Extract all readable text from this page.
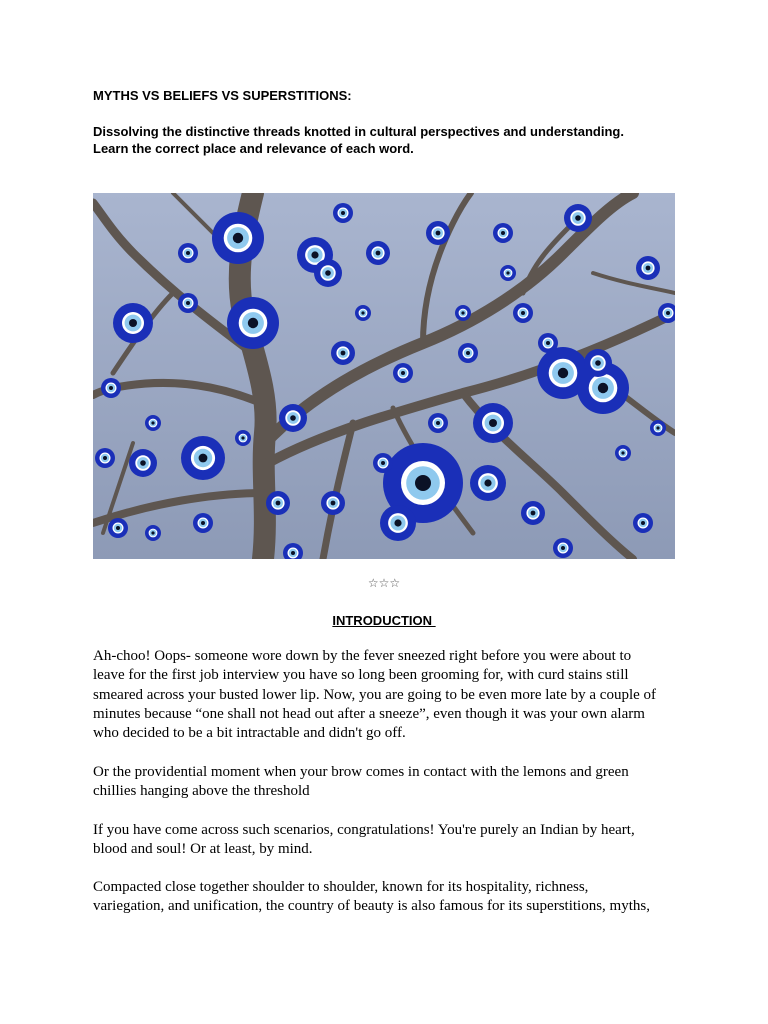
MYTHS VS BELIEFS VS SUPERSTITIONS:

Dissolving the distinctive threads knotted in cultural perspectives and understanding.
Learn the correct place and relevance of each word.

☆☆☆
INTRODUCTION

Ah-choo! Oops- someone wore down by the fever sneezed right before you were about to
leave for the first job interview you have so long been grooming for, with curd stains still
smeared across your busted lower lip. Now, you are going to be even more late by a couple of
minutes because “one shall not head out after a sneeze”, even though it was your own alarm
who decided to be a bit intractable and didn't go off.

Or the providential moment when your brow comes in contact with the lemons and green
chillies hanging above the threshold

If you have come across such scenarios, congratulations! You're purely an Indian by heart,
blood and soul! Or at least, by mind.

Compacted close together shoulder to shoulder, known for its hospitality, richness,
variegation, and unification, the country of beauty is also famous for its superstitions, myths,
